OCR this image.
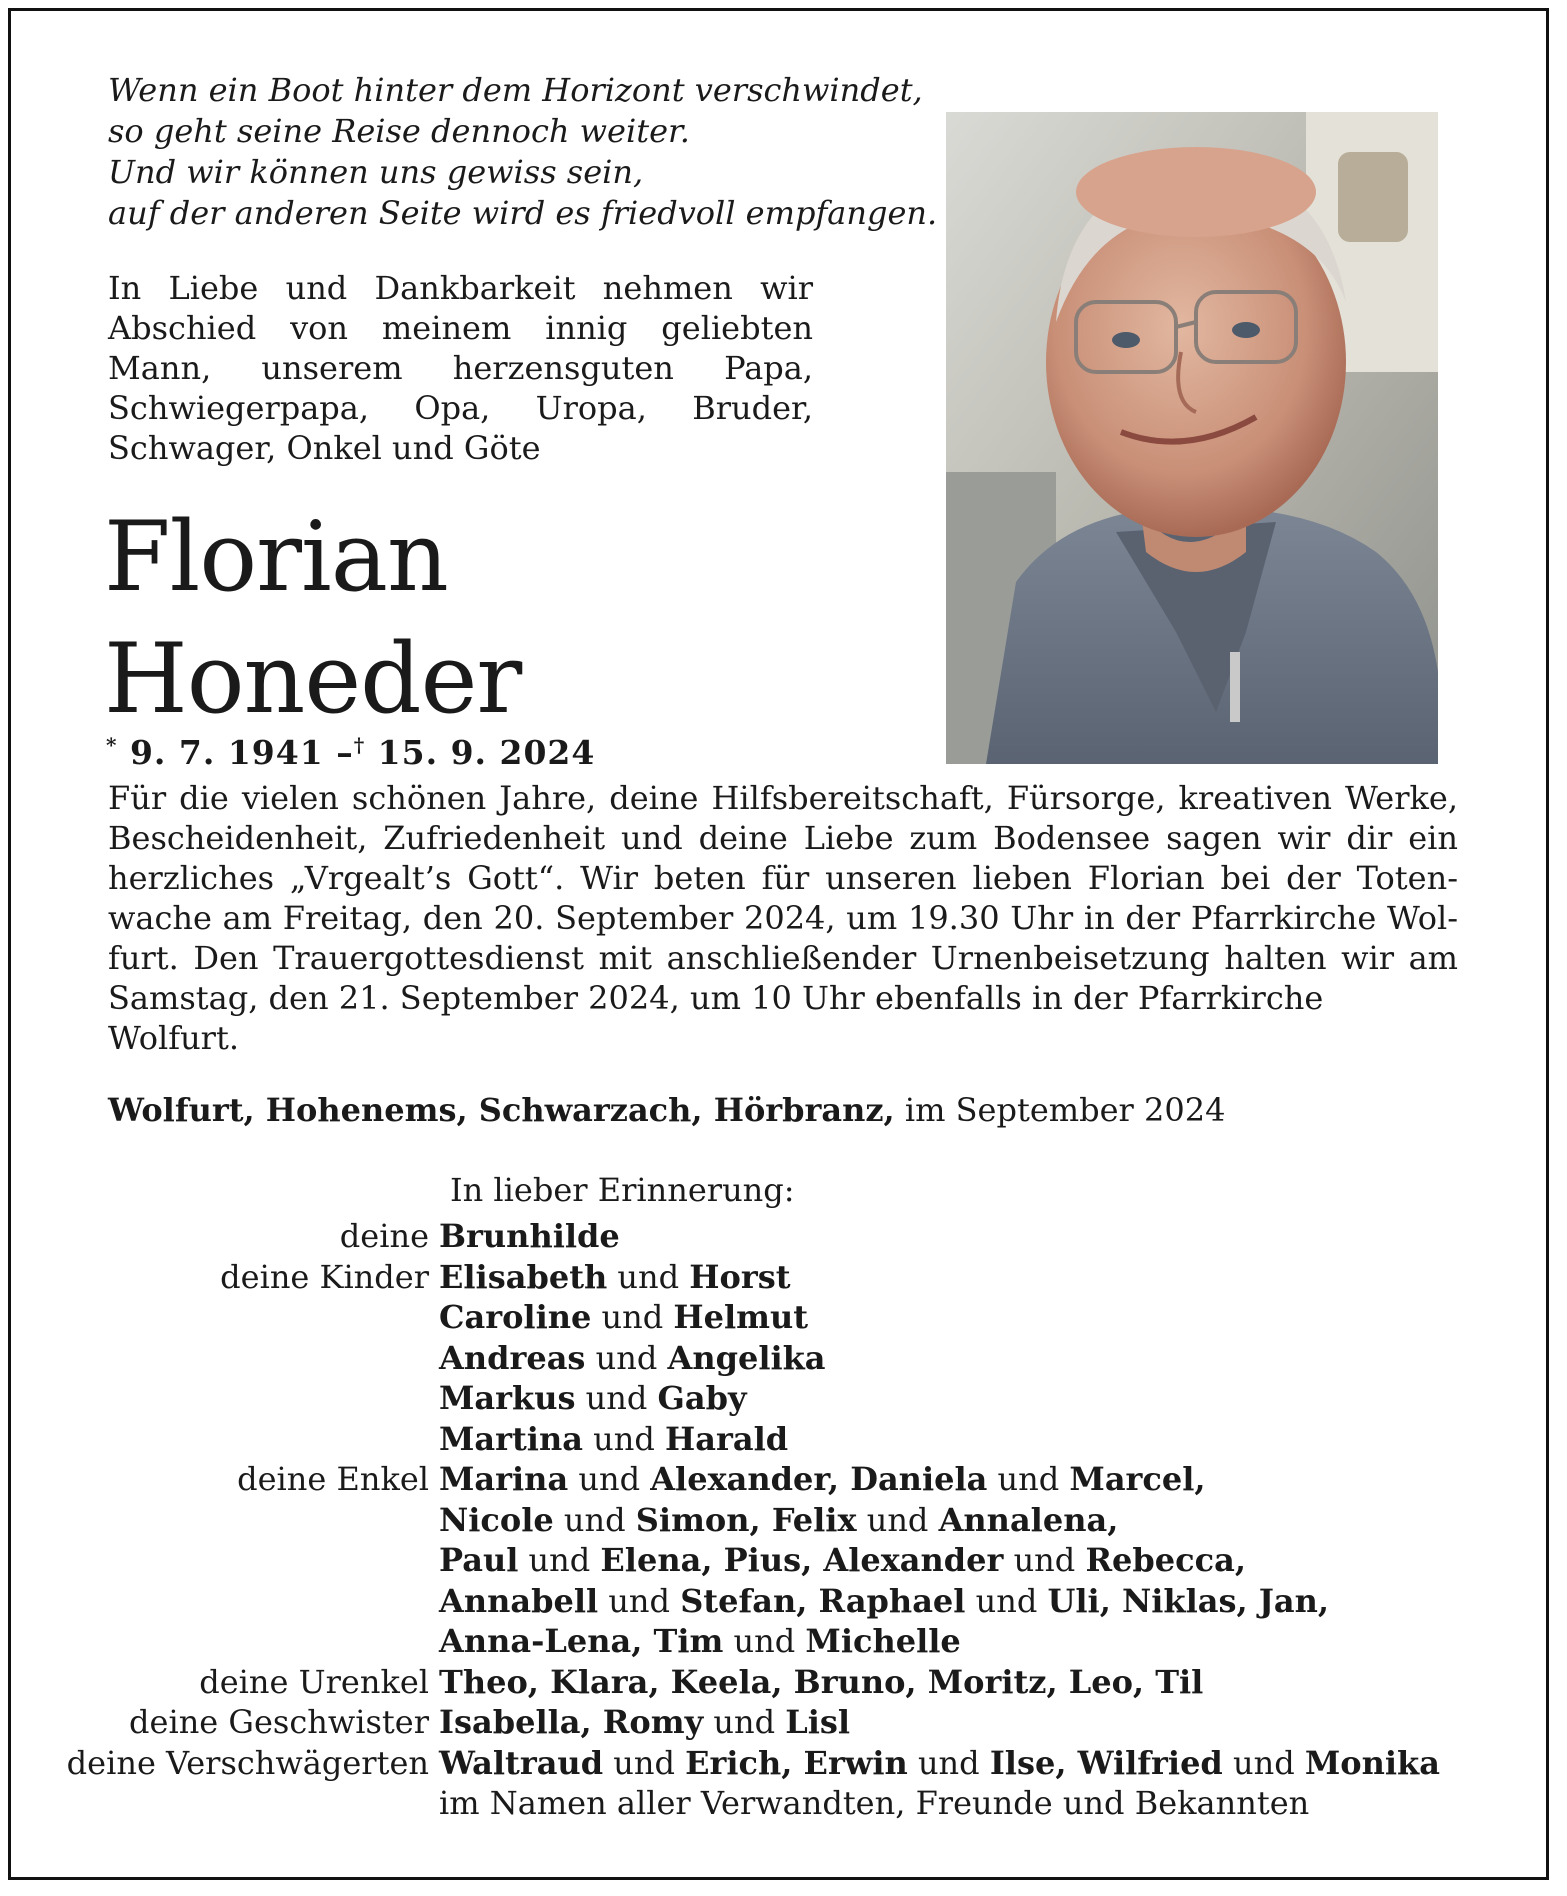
Wenn ein Boot hinter dem Horizont verschwindet,
so geht seine Reise dennoch weiter.
Und wir können uns gewiss sein,
auf der anderen Seite wird es friedvoll empfangen.
In Liebe und Dankbarkeit nehmen wir
Abschied von meinem innig geliebten
Mann, unserem herzensguten Papa,
Schwiegerpapa, Opa, Uropa, Bruder,
Schwager, Onkel und Göte
Florian
Honeder
* 9. 7. 1941 –† 15. 9. 2024
Für die vielen schönen Jahre, deine Hilfsbereitschaft, Fürsorge, kreativen Werke,
Bescheidenheit, Zufriedenheit und deine Liebe zum Bodensee sagen wir dir ein
herzliches „Vrgealt’s Gott“. Wir beten für unseren lieben Florian bei der Toten-
wache am Freitag, den 20. September 2024, um 19.30 Uhr in der Pfarrkirche Wol-
furt. Den Trauergottesdienst mit anschließender Urnenbeisetzung halten wir am
Samstag, den 21. September 2024, um 10 Uhr ebenfalls in der Pfarrkirche Wolfurt.
Wolfurt, Hohenems, Schwarzach, Hörbranz, im September 2024
In lieber Erinnerung:
deine Brunhilde
deine Kinder Elisabeth und Horst
Caroline und Helmut
Andreas und Angelika
Markus und Gaby
Martina und Harald
deine Enkel Marina und Alexander, Daniela und Marcel,
Nicole und Simon, Felix und Annalena,
Paul und Elena, Pius, Alexander und Rebecca,
Annabell und Stefan, Raphael und Uli, Niklas, Jan,
Anna-Lena, Tim und Michelle
deine Urenkel Theo, Klara, Keela, Bruno, Moritz, Leo, Til
deine Geschwister Isabella, Romy und Lisl
deine Verschwägerten Waltraud und Erich, Erwin und Ilse, Wilfried und Monika
im Namen aller Verwandten, Freunde und Bekannten
